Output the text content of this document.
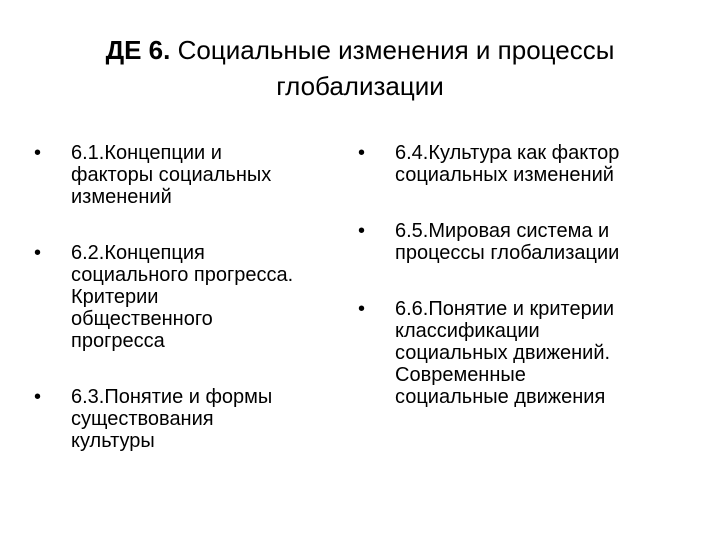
ДЕ 6. Социальные изменения и процессы
глобализации
• 6.1.Концепции и
факторы социальных
изменений
• 6.2.Концепция
социального прогресса.
Критерии
общественного
прогресса
• 6.3.Понятие и формы
существования
культуры
• 6.4.Культура как фактор
социальных изменений
• 6.5.Мировая система и
процессы глобализации
• 6.6.Понятие и критерии
классификации
социальных движений.
Современные
социальные движения
